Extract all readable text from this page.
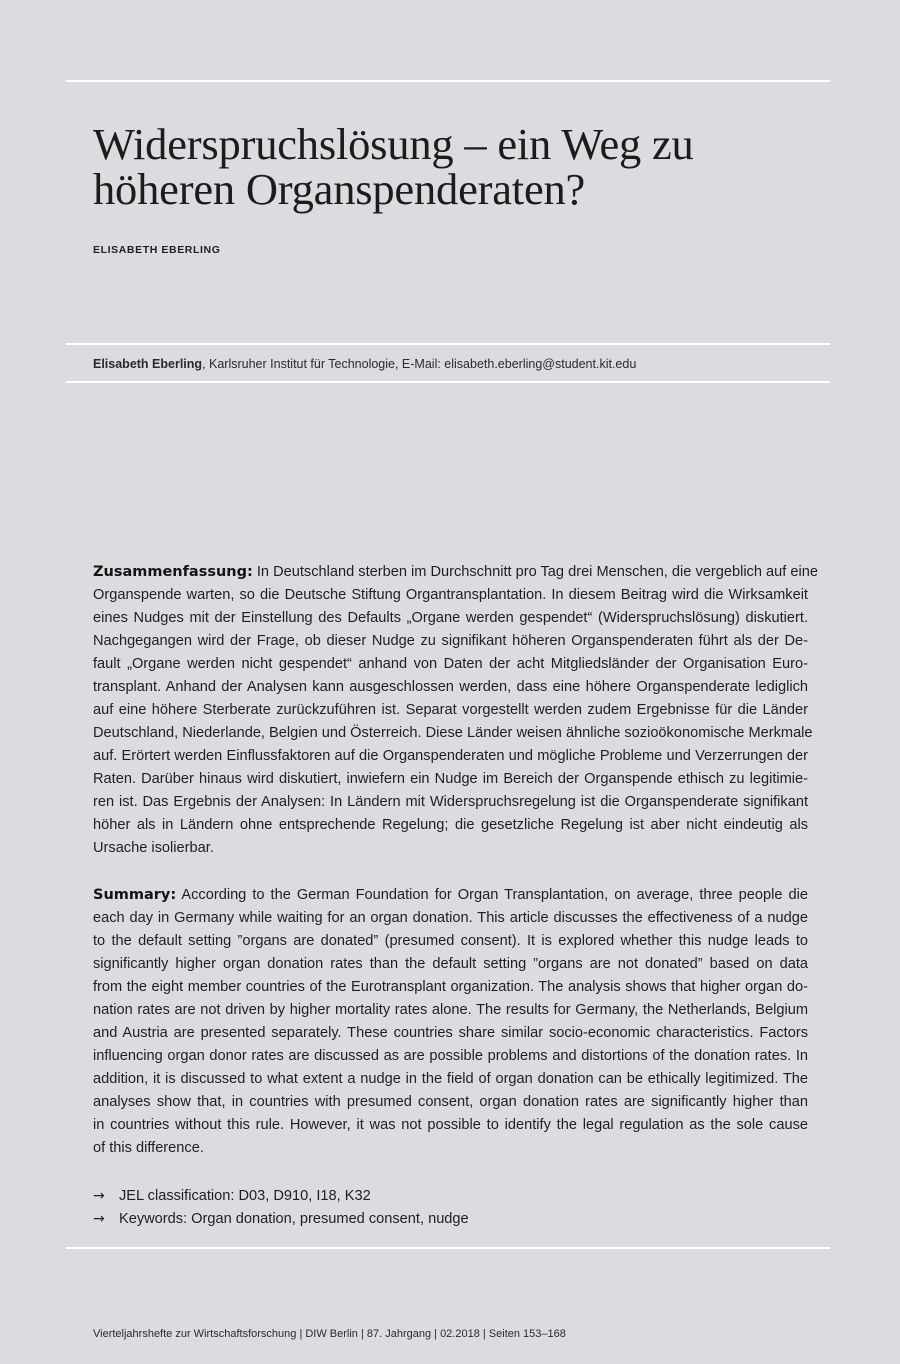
Widerspruchslösung – ein Weg zu
höheren Organspenderaten?
ELISABETH EBERLING
Elisabeth Eberling, Karlsruher Institut für Technologie, E-Mail: elisabeth.eberling@student.kit.edu
Zusammenfassung: In Deutschland sterben im Durchschnitt pro Tag drei Menschen, die vergeblich auf eine
Organspende warten, so die Deutsche Stiftung Organtransplantation. In diesem Beitrag wird die Wirksamkeit
eines Nudges mit der Einstellung des Defaults „Organe werden gespendet“ (Widerspruchslösung) diskutiert.
Nachgegangen wird der Frage, ob dieser Nudge zu signifikant höheren Organspenderaten führt als der De-
fault „Organe werden nicht gespendet“ anhand von Daten der acht Mitgliedsländer der Organisation Euro-
transplant. Anhand der Analysen kann ausgeschlossen werden, dass eine höhere Organspenderate lediglich
auf eine höhere Sterberate zurückzuführen ist. Separat vorgestellt werden zudem Ergebnisse für die Länder
Deutschland, Niederlande, Belgien und Österreich. Diese Länder weisen ähnliche sozioökonomische Merkmale
auf. Erörtert werden Einflussfaktoren auf die Organspenderaten und mögliche Probleme und Verzerrungen der
Raten. Darüber hinaus wird diskutiert, inwiefern ein Nudge im Bereich der Organspende ethisch zu legitimie-
ren ist. Das Ergebnis der Analysen: In Ländern mit Widerspruchsregelung ist die Organspenderate signifikant
höher als in Ländern ohne entsprechende Regelung; die gesetzliche Regelung ist aber nicht eindeutig als
Ursache isolierbar.
Summary: According to the German Foundation for Organ Transplantation, on average, three people die
each day in Germany while waiting for an organ donation. This article discusses the effectiveness of a nudge
to the default setting ”organs are donated” (presumed consent). It is explored whether this nudge leads to
significantly higher organ donation rates than the default setting ”organs are not donated” based on data
from the eight member countries of the Eurotransplant organization. The analysis shows that higher organ do-
nation rates are not driven by higher mortality rates alone. The results for Germany, the Netherlands, Belgium
and Austria are presented separately. These countries share similar socio-economic characteristics. Factors
influencing organ donor rates are discussed as are possible problems and distortions of the donation rates. In
addition, it is discussed to what extent a nudge in the field of organ donation can be ethically legitimized. The
analyses show that, in countries with presumed consent, organ donation rates are significantly higher than
in countries without this rule. However, it was not possible to identify the legal regulation as the sole cause
of this difference.
→ JEL classification: D03, D910, I18, K32
→ Keywords: Organ donation, presumed consent, nudge
Vierteljahrshefte zur Wirtschaftsforschung | DIW Berlin | 87. Jahrgang | 02.2018 | Seiten 153–168
